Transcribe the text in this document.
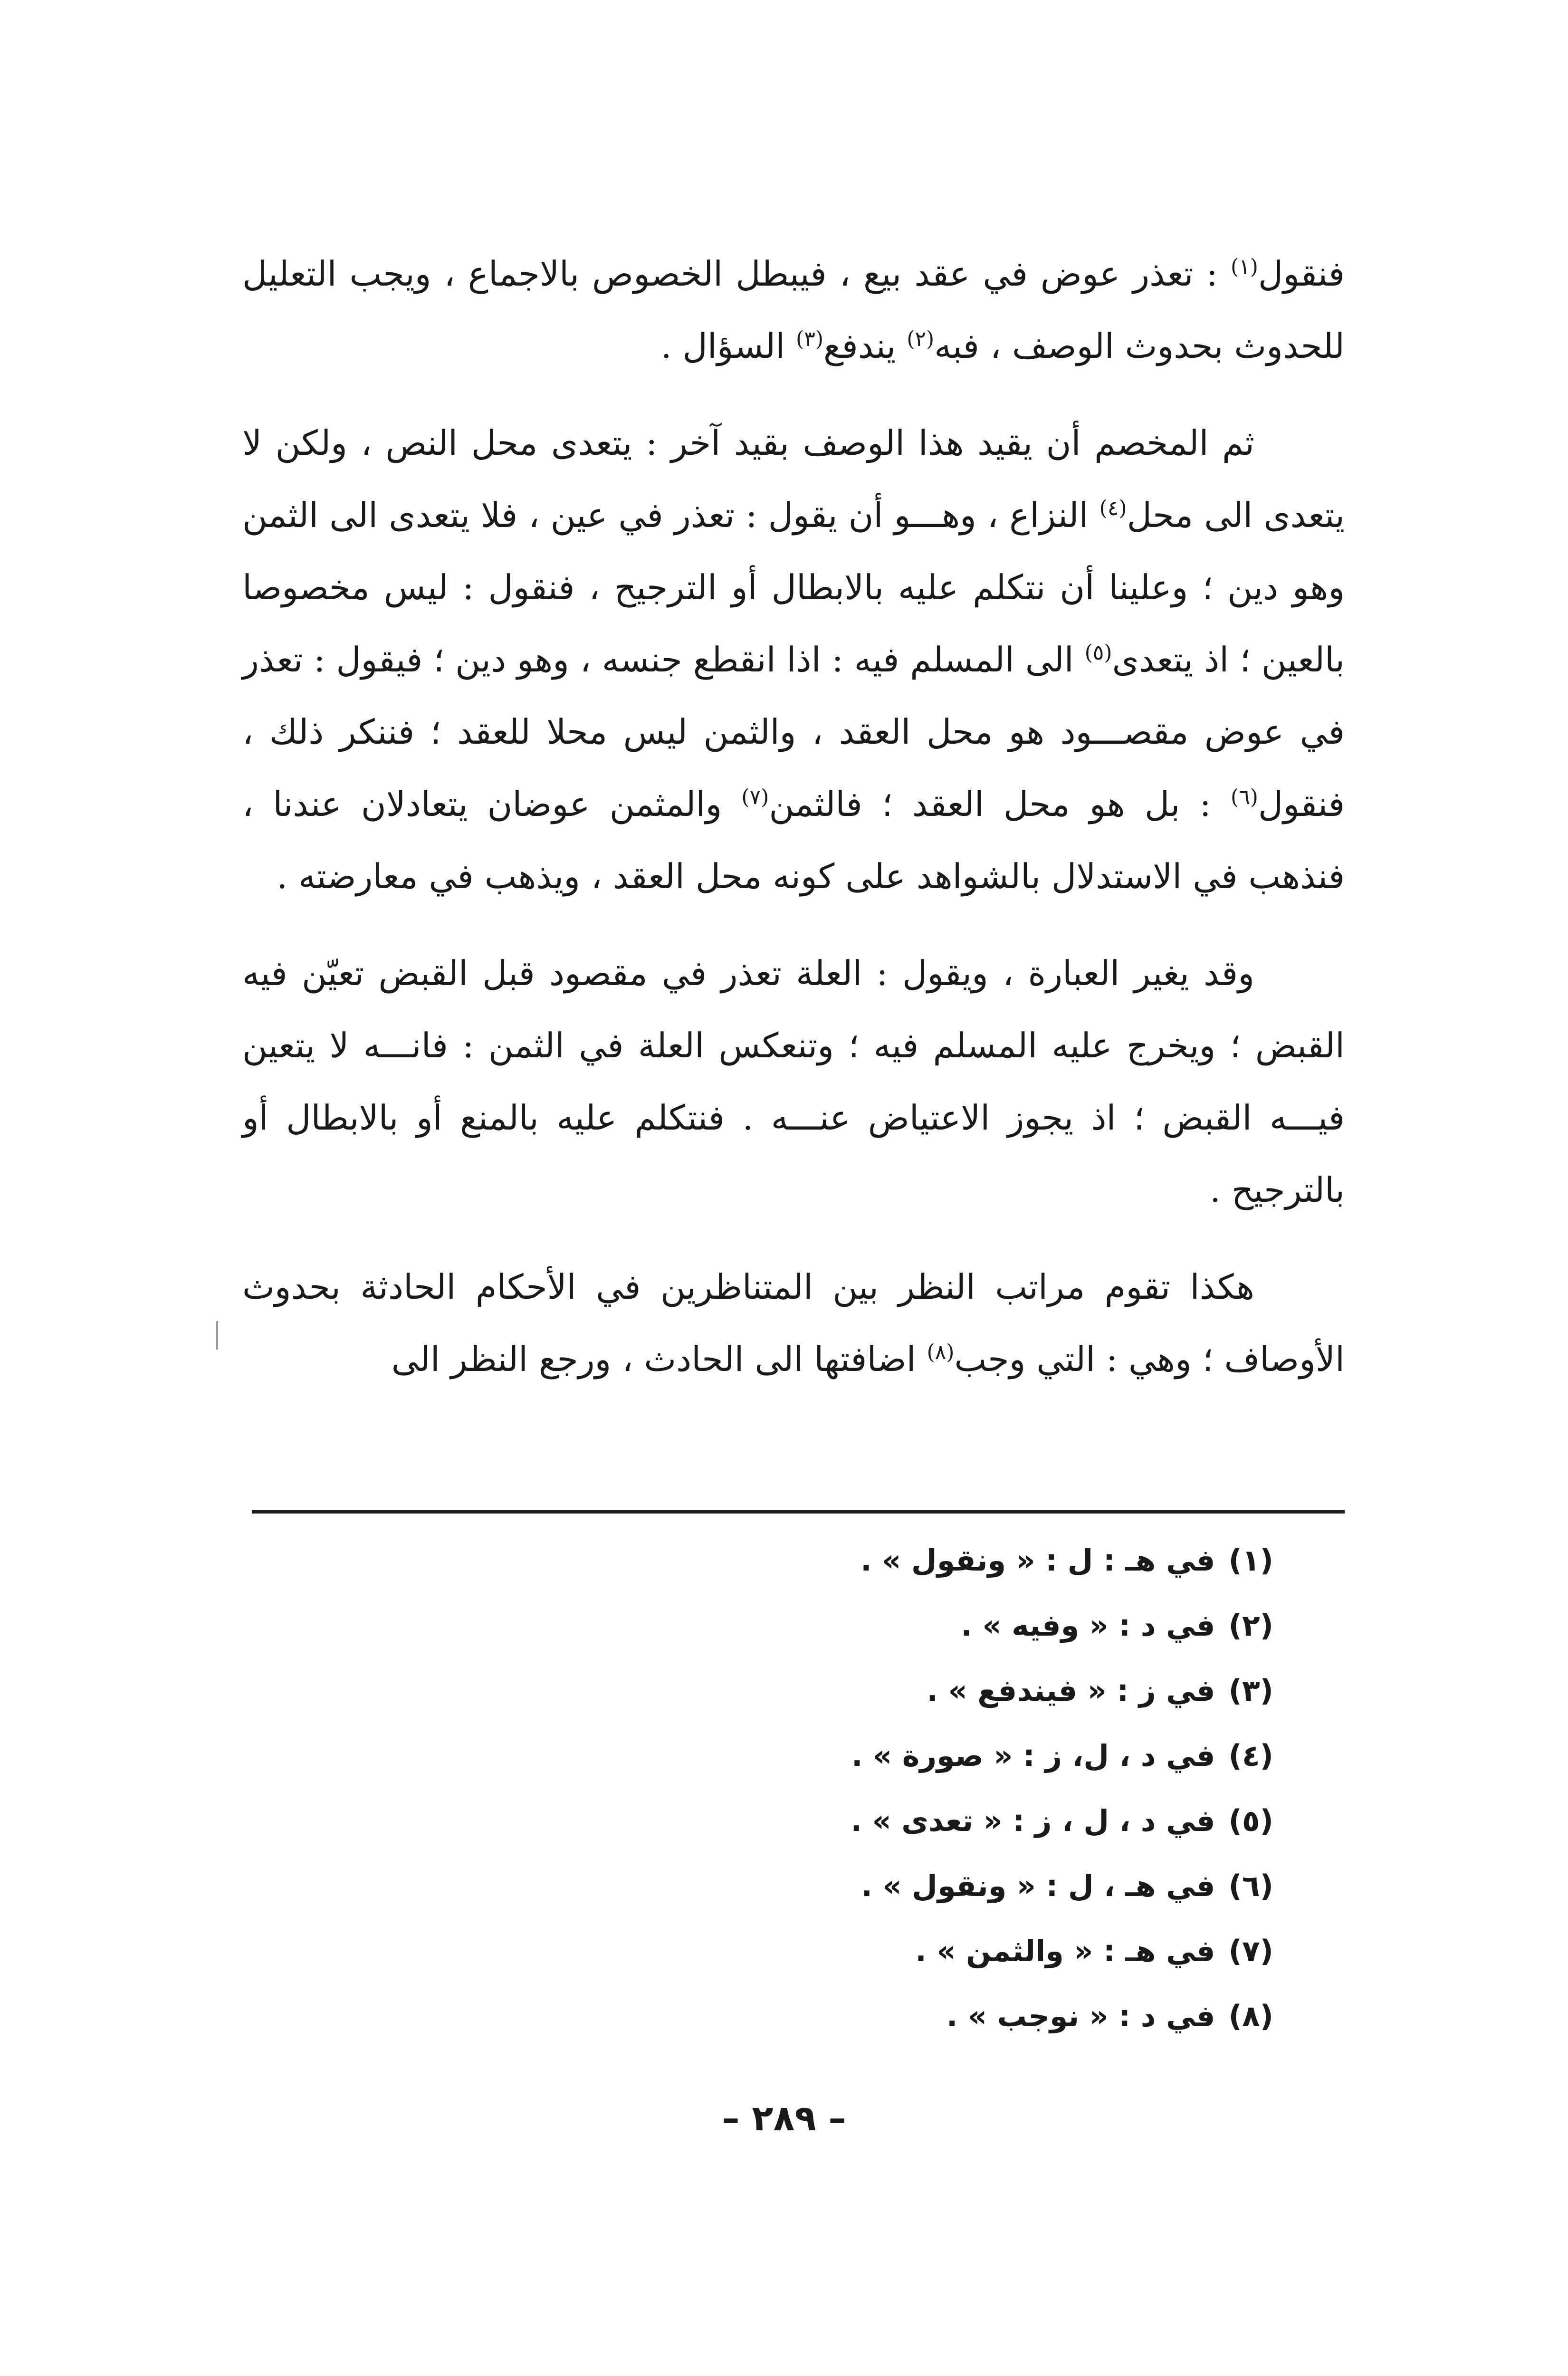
فنقول$^{(١)}$ : تعذر عوض في عقد بيع ، فيبطل الخصوص بالاجماع ، ويجب التعليل للحدوث بحدوث الوصف ، فبه$^{(٢)}$ يندفع$^{(٣)}$ السؤال .

ثم المخصم أن يقيد هذا الوصف بقيد آخر : يتعدى محل النص ، ولكن لا يتعدى الى محل$^{(٤)}$ النزاع ، وهـــو أن يقول : تعذر في عين ، فلا يتعدى الى الثمن وهو دين ؛ وعلينا أن نتكلم عليه بالابطال أو الترجيح ، فنقول : ليس مخصوصا بالعين ؛ اذ يتعدى$^{(٥)}$ الى المسلم فيه : اذا انقطع جنسه ، وهو دين ؛ فيقول : تعذر في عوض مقصـــود هو محل العقد ، والثمن ليس محلا للعقد ؛ فننكر ذلك ، فنقول$^{(٦)}$ : بل هو محل العقد ؛ فالثمن$^{(٧)}$ والمثمن عوضان يتعادلان عندنا ، فنذهب في الاستدلال بالشواهد على كونه محل العقد ، ويذهب في معارضته .

وقد يغير العبارة ، ويقول : العلة تعذر في مقصود قبل القبض تعيّن فيه القبض ؛ ويخرج عليه المسلم فيه ؛ وتنعكس العلة في الثمن : فانـــه لا يتعين فيـــه القبض ؛ اذ يجوز الاعتياض عنـــه . فنتكلم عليه بالمنع أو بالابطال أو بالترجيح .

هكذا تقوم مراتب النظر بين المتناظرين في الأحكام الحادثة بحدوث الأوصاف ؛ وهي : التي وجب$^{(٨)}$ اضافتها الى الحادث ، ورجع النظر الى

(١)في هـ : ل : « ونقول » .
(٢)في د : « وفيه » .
(٣)في ز : « فيندفع » .
(٤)في د ، ل، ز : « صورة » .
(٥)في د ، ل ، ز : « تعدى » .
(٦)في هـ ، ل : « ونقول » .
(٧)في هـ : « والثمن » .
(٨)في د : « نوجب » .
– ٢٨٩ –
